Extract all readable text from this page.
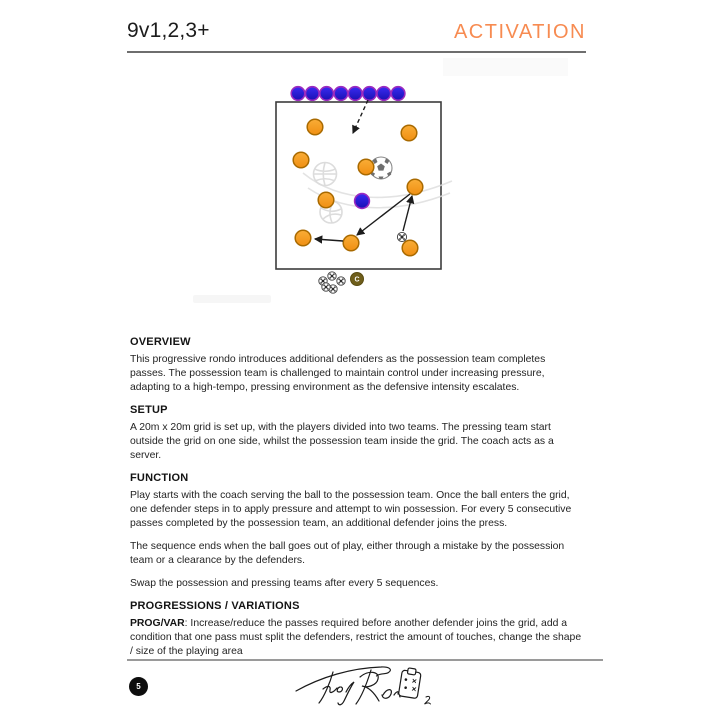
9v1,2,3+	ACTIVATION
C
OVERVIEW

This progressive rondo introduces additional defenders as the possession team completes passes. The possession team is challenged to maintain control under increasing pressure, adapting to a high-tempo, pressing environment as the defensive intensity escalates.

SETUP

A 20m x 20m grid is set up, with the players divided into two teams. The pressing team start outside the grid on one side, whilst the possession team inside the grid. The coach acts as a server.

FUNCTION

Play starts with the coach serving the ball to the possession team. Once the ball enters the grid, one defender steps in to apply pressure and attempt to win possession. For every 5 consecutive passes completed by the possession team, an additional defender joins the press.

The sequence ends when the ball goes out of play, either through a mistake by the possession team or a clearance by the defenders.

Swap the possession and pressing teams after every 5 sequences.

PROGRESSIONS / VARIATIONS

PROG/VAR: Increase/reduce the passes required before another defender joins the grid, add a condition that one pass must split the defenders, restrict the amount of touches, change the shape / size of the playing area

5
